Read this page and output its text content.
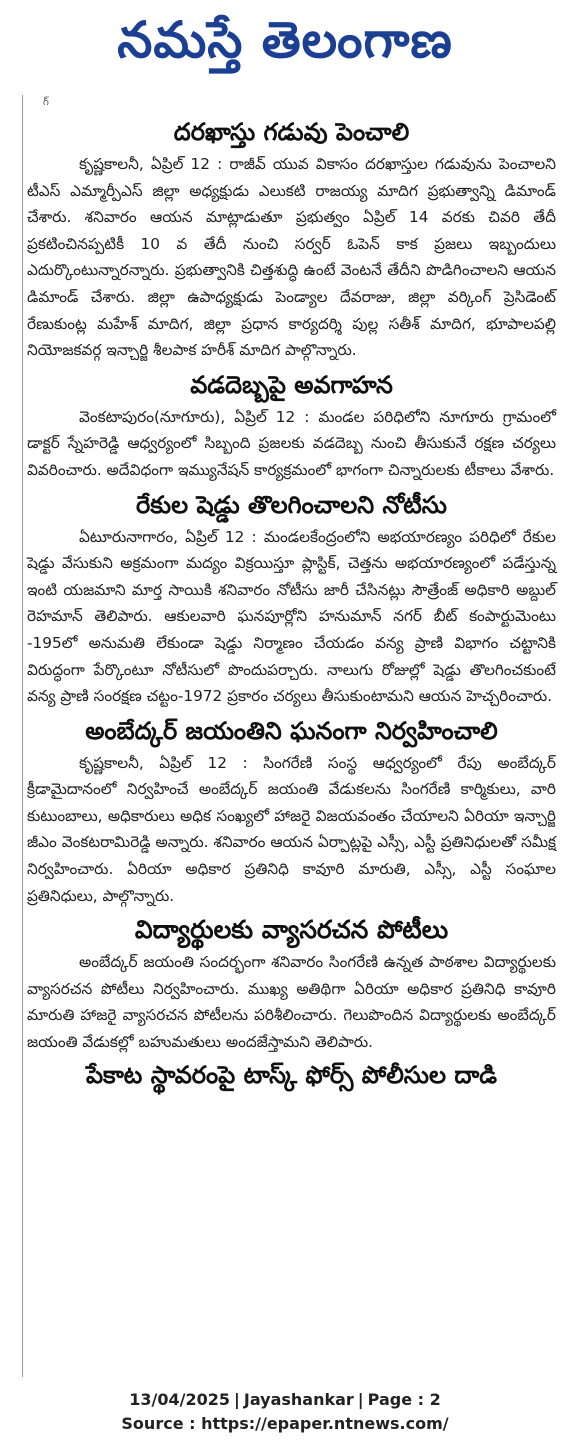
నమస్తే తెలంగాణ
గ్
దరఖాస్తు గడువు పెంచాలి

కృష్ణకాలనీ, ఏప్రిల్ 12 : రాజీవ్ యువ వికాసం దరఖాస్తుల గడువును పెంచాలని టీఎస్ ఎమ్మార్పీఎస్ జిల్లా అధ్యక్షుడు ఎలుకటి రాజయ్య మాదిగ ప్రభుత్వాన్ని డిమాండ్ చేశారు. శనివారం ఆయన మాట్లాడుతూ ప్రభుత్వం ఏప్రిల్ 14 వరకు చివరి తేదీ ప్రకటించినప్పటికీ 10 వ తేదీ నుంచి సర్వర్ ఓపెన్ కాక ప్రజలు ఇబ్బందులు ఎదుర్కొంటున్నారన్నారు. ప్రభుత్వానికి చిత్తశుద్ధి ఉంటే వెంటనే తేదీని పొడిగించాలని ఆయన డిమాండ్ చేశారు. జిల్లా ఉపాధ్యక్షుడు పెండ్యాల దేవరాజు, జిల్లా వర్కింగ్ ప్రెసిడెంట్ రేణుకుంట్ల మహేశ్ మాదిగ, జిల్లా ప్రధాన కార్యదర్శి పుల్ల సతీశ్ మాదిగ, భూపాలపల్లి నియోజకవర్గ ఇన్చార్జి శీలపాక హరీశ్ మాదిగ పాల్గొన్నారు.

వడదెబ్బపై అవగాహన

వెంకటాపురం(నూగూరు), ఏప్రిల్ 12 : మండల పరిధిలోని నూగూరు గ్రామంలో డాక్టర్ స్నేహరెడ్డి ఆధ్వర్యంలో సిబ్బంది ప్రజలకు వడదెబ్బ నుంచి తీసుకునే రక్షణ చర్యలు వివరించారు. అదేవిధంగా ఇమ్యునేషన్ కార్యక్రమంలో భాగంగా చిన్నారులకు టీకాలు వేశారు.

రేకుల షెడ్డు తొలగించాలని నోటీసు

ఏటూరునాగారం, ఏప్రిల్ 12 : మండలకేంద్రంలోని అభయారణ్యం పరిధిలో రేకుల షెడ్డు వేసుకుని అక్రమంగా మద్యం విక్రయిస్తూ ప్లాస్టిక్, చెత్తను అభయారణ్యంలో పడేస్తున్న ఇంటి యజమాని మార్త సాయికి శనివారం నోటీసు జారీ చేసినట్లు సౌత్రేంజ్ అధికారి అబ్దుల్ రెహమాన్ తెలిపారు. ఆకులవారి ఘనపూర్లోని హనుమాన్ నగర్ బీట్ కంపార్టుమెంటు -195లో అనుమతి లేకుండా షెడ్డు నిర్మాణం చేయడం వన్య ప్రాణి విభాగం చట్టానికి విరుద్ధంగా పేర్కొంటూ నోటీసులో పొందుపర్చారు. నాలుగు రోజుల్లో షెడ్డు తొలగించకుంటే వన్య ప్రాణి సంరక్షణ చట్టం-1972 ప్రకారం చర్యలు తీసుకుంటామని ఆయన హెచ్చరించారు.

అంబేద్కర్ జయంతిని ఘనంగా నిర్వహించాలి

కృష్ణకాలనీ, ఏప్రిల్ 12 : సింగరేణి సంస్థ ఆధ్వర్యంలో రేపు అంబేద్కర్ క్రీడామైదానంలో నిర్వహించే అంబేద్కర్ జయంతి వేడుకలను సింగరేణి కార్మికులు, వారి కుటుంబాలు, అధికారులు అధిక సంఖ్యలో హాజరై విజయవంతం చేయాలని ఏరియా ఇన్చార్జి జీఎం వెంకటరామిరెడ్డి అన్నారు. శనివారం ఆయన ఏర్పాట్లపై ఎస్సీ, ఎస్టీ ప్రతినిధులతో సమీక్ష నిర్వహించారు. ఏరియా అధికార ప్రతినిధి కావూరి మారుతి, ఎస్సీ, ఎస్టీ సంఘాల ప్రతినిధులు, పాల్గొన్నారు.

విద్యార్థులకు వ్యాసరచన పోటీలు

అంబేద్కర్ జయంతి సందర్భంగా శనివారం సింగరేణి ఉన్నత పాఠశాల విద్యార్థులకు వ్యాసరచన పోటీలు నిర్వహించారు. ముఖ్య అతిథిగా ఏరియా అధికార ప్రతినిధి కావూరి మారుతి హాజరై వ్యాసరచన పోటీలను పరిశీలించారు. గెలుపొందిన విద్యార్థులకు అంబేద్కర్ జయంతి వేడుకల్లో బహుమతులు అందజేస్తామని తెలిపారు.

పేకాట స్థావరంపై టాస్క్ ఫోర్స్ పోలీసుల దాడి
13/04/2025 | Jayashankar | Page : 2
Source : https://epaper.ntnews.com/
